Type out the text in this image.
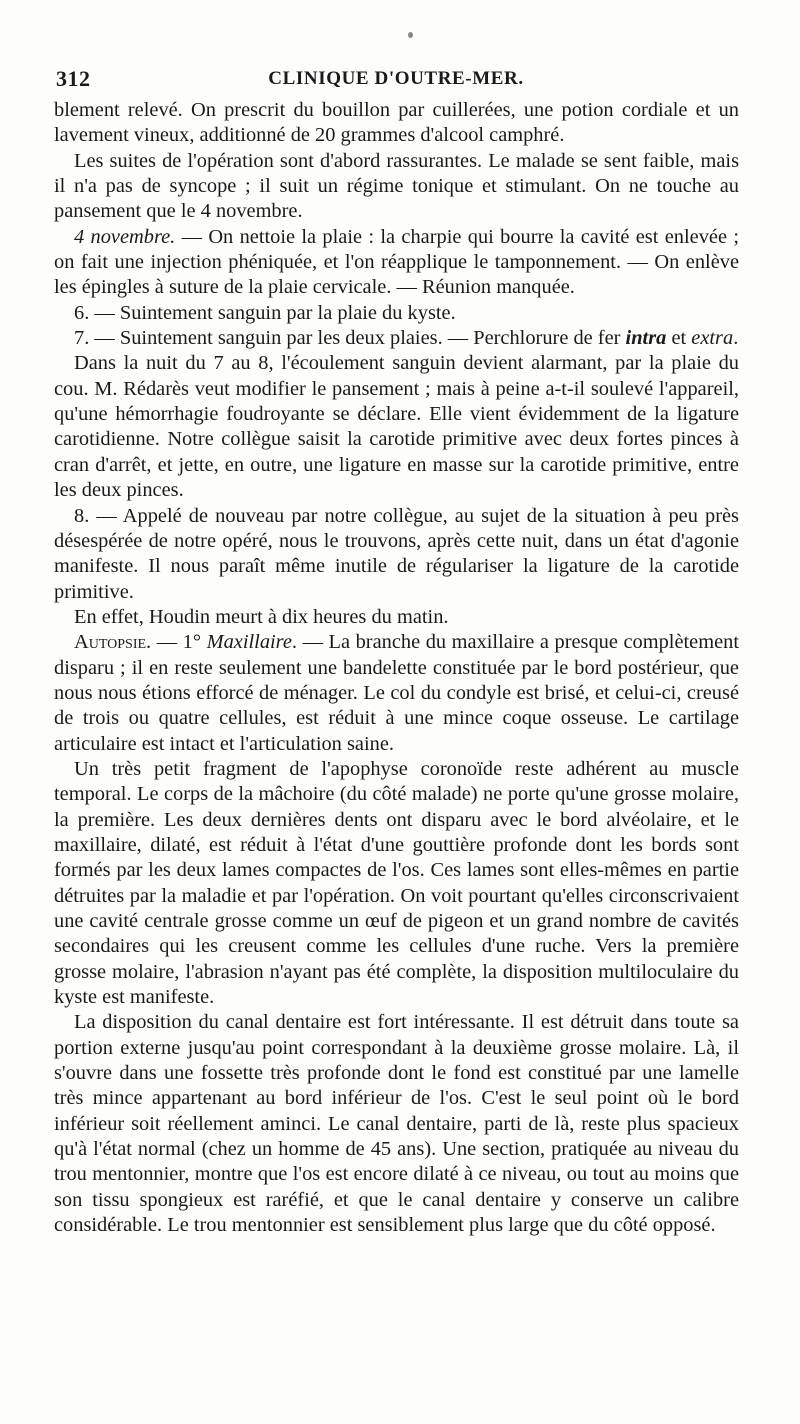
312	CLINIQUE D'OUTRE-MER.

blement relevé. On prescrit du bouillon par cuillerées, une potion cordiale et un lavement vineux, additionné de 20 grammes d'alcool camphré.

Les suites de l'opération sont d'abord rassurantes. Le malade se sent faible, mais il n'a pas de syncope ; il suit un régime tonique et stimulant. On ne touche au pansement que le 4 novembre.

4 novembre. — On nettoie la plaie : la charpie qui bourre la cavité est enlevée ; on fait une injection phéniquée, et l'on réapplique le tamponnement. — On enlève les épingles à suture de la plaie cervicale. — Réunion manquée.

6. — Suintement sanguin par la plaie du kyste.

7. — Suintement sanguin par les deux plaies. — Perchlorure de fer intra et extra.

Dans la nuit du 7 au 8, l'écoulement sanguin devient alarmant, par la plaie du cou. M. Rédarès veut modifier le pansement ; mais à peine a-t-il soulevé l'appareil, qu'une hémorrhagie foudroyante se déclare. Elle vient évidemment de la ligature carotidienne. Notre collègue saisit la carotide primitive avec deux fortes pinces à cran d'arrêt, et jette, en outre, une ligature en masse sur la carotide primitive, entre les deux pinces.

8. — Appelé de nouveau par notre collègue, au sujet de la situation à peu près désespérée de notre opéré, nous le trouvons, après cette nuit, dans un état d'agonie manifeste. Il nous paraît même inutile de régulariser la ligature de la carotide primitive.

En effet, Houdin meurt à dix heures du matin.

Autopsie. — 1° Maxillaire. — La branche du maxillaire a presque complètement disparu ; il en reste seulement une bandelette constituée par le bord postérieur, que nous nous étions efforcé de ménager. Le col du condyle est brisé, et celui-ci, creusé de trois ou quatre cellules, est réduit à une mince coque osseuse. Le cartilage articulaire est intact et l'articulation saine.

Un très petit fragment de l'apophyse coronoïde reste adhérent au muscle temporal. Le corps de la mâchoire (du côté malade) ne porte qu'une grosse molaire, la première. Les deux dernières dents ont disparu avec le bord alvéolaire, et le maxillaire, dilaté, est réduit à l'état d'une gouttière profonde dont les bords sont formés par les deux lames compactes de l'os. Ces lames sont elles-mêmes en partie détruites par la maladie et par l'opération. On voit pourtant qu'elles circonscrivaient une cavité centrale grosse comme un œuf de pigeon et un grand nombre de cavités secondaires qui les creusent comme les cellules d'une ruche. Vers la première grosse molaire, l'abrasion n'ayant pas été complète, la disposition multiloculaire du kyste est manifeste.

La disposition du canal dentaire est fort intéressante. Il est détruit dans toute sa portion externe jusqu'au point correspondant à la deuxième grosse molaire. Là, il s'ouvre dans une fossette très profonde dont le fond est constitué par une lamelle très mince appartenant au bord inférieur de l'os. C'est le seul point où le bord inférieur soit réellement aminci. Le canal dentaire, parti de là, reste plus spacieux qu'à l'état normal (chez un homme de 45 ans). Une section, pratiquée au niveau du trou mentonnier, montre que l'os est encore dilaté à ce niveau, ou tout au moins que son tissu spongieux est raréfié, et que le canal dentaire y conserve un calibre considérable. Le trou mentonnier est sensiblement plus large que du côté opposé.
